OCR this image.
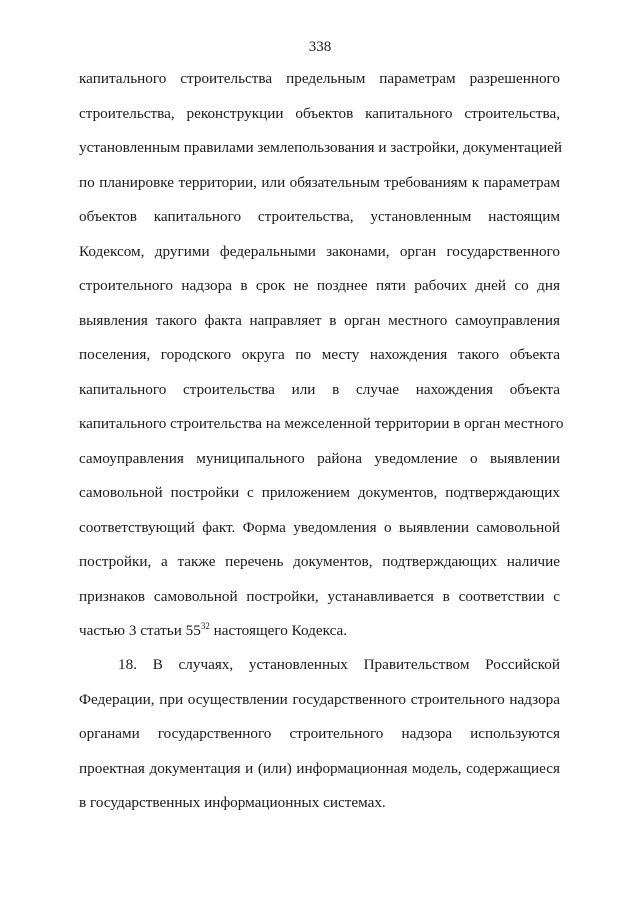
338
капитального строительства предельным параметрам разрешенного
строительства, реконструкции объектов капитального строительства,
установленным правилами землепользования и застройки, документацией
по планировке территории, или обязательным требованиям к параметрам
объектов капитального строительства, установленным настоящим
Кодексом, другими федеральными законами, орган государственного
строительного надзора в срок не позднее пяти рабочих дней со дня
выявления такого факта направляет в орган местного самоуправления
поселения, городского округа по месту нахождения такого объекта
капитального строительства или в случае нахождения объекта
капитального строительства на межселенной территории в орган местного
самоуправления муниципального района уведомление о выявлении
самовольной постройки с приложением документов, подтверждающих
соответствующий факт. Форма уведомления о выявлении самовольной
постройки, а также перечень документов, подтверждающих наличие
признаков самовольной постройки, устанавливается в соответствии с
частью 3 статьи $55^{32}$ настоящего Кодекса.
18. В случаях, установленных Правительством Российской
Федерации, при осуществлении государственного строительного надзора
органами государственного строительного надзора используются
проектная документация и (или) информационная модель, содержащиеся
в государственных информационных системах.
